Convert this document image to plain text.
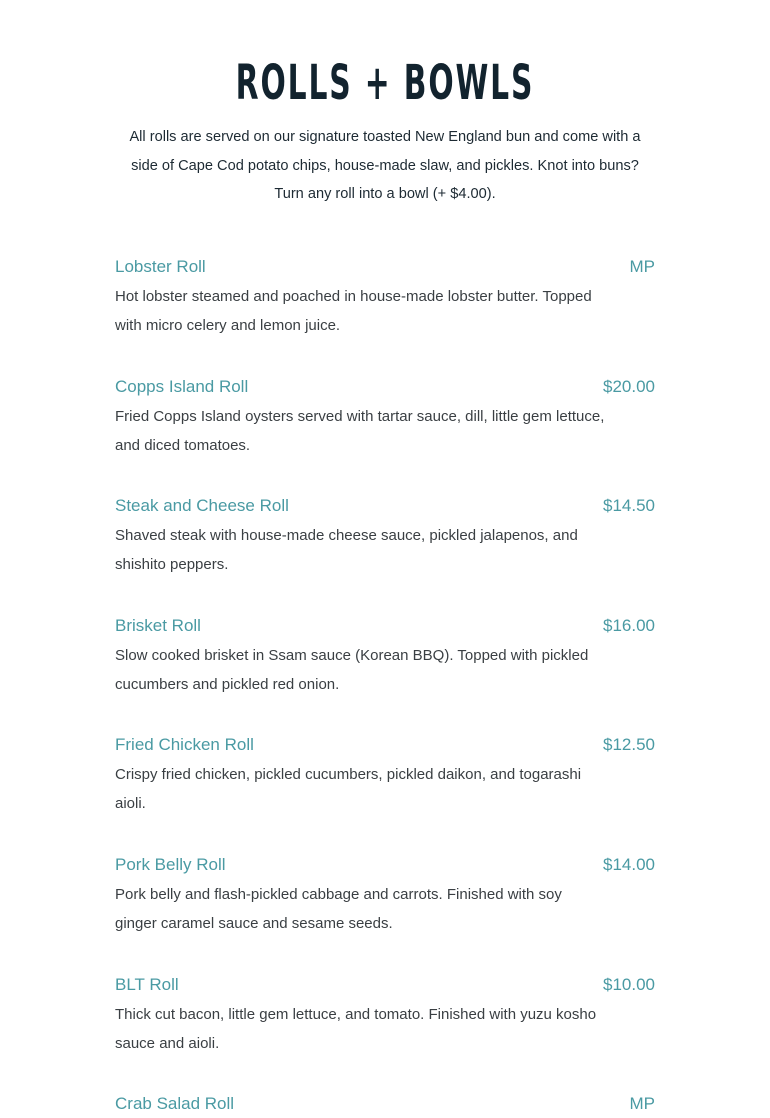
ROLLS + BOWLS

All rolls are served on our signature toasted New England bun and come with a side of Cape Cod potato chips, house-made slaw, and pickles. Knot into buns? Turn any roll into a bowl (+ $4.00).

Lobster Roll	MP

Hot lobster steamed and poached in house-made lobster butter. Topped with micro celery and lemon juice.

Copps Island Roll	$20.00

Fried Copps Island oysters served with tartar sauce, dill, little gem lettuce, and diced tomatoes.

Steak and Cheese Roll	$14.50

Shaved steak with house-made cheese sauce, pickled jalapenos, and shishito peppers.

Brisket Roll	$16.00

Slow cooked brisket in Ssam sauce (Korean BBQ). Topped with pickled cucumbers and pickled red onion.

Fried Chicken Roll	$12.50

Crispy fried chicken, pickled cucumbers, pickled daikon, and togarashi aioli.

Pork Belly Roll	$14.00

Pork belly and flash-pickled cabbage and carrots. Finished with soy ginger caramel sauce and sesame seeds.

BLT Roll	$10.00

Thick cut bacon, little gem lettuce, and tomato. Finished with yuzu kosho sauce and aioli.

Crab Salad Roll	MP
